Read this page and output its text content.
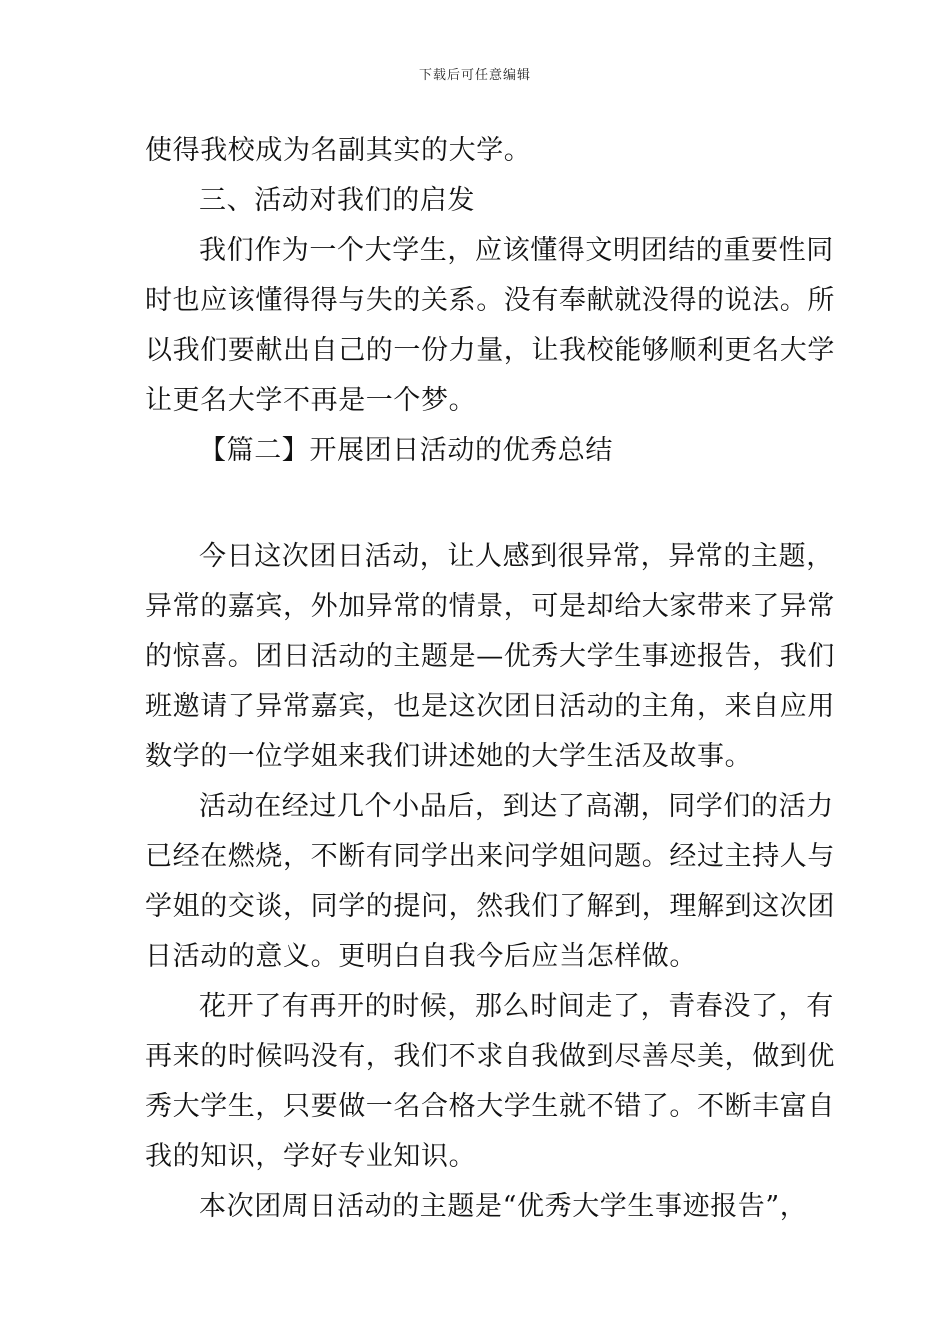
下载后可任意编辑
使得我校成为名副其实的大学。
三、活动对我们的启发
我们作为一个大学生，应该懂得文明团结的重要性同
时也应该懂得得与失的关系。没有奉献就没得的说法。所
以我们要献出自己的一份力量，让我校能够顺利更名大学
让更名大学不再是一个梦。
【篇二】开展团日活动的优秀总结
今日这次团日活动，让人感到很异常，异常的主题，
异常的嘉宾，外加异常的情景，可是却给大家带来了异常
的惊喜。团日活动的主题是—优秀大学生事迹报告，我们
班邀请了异常嘉宾，也是这次团日活动的主角，来自应用
数学的一位学姐来我们讲述她的大学生活及故事。
活动在经过几个小品后，到达了高潮，同学们的活力
已经在燃烧，不断有同学出来问学姐问题。经过主持人与
学姐的交谈，同学的提问，然我们了解到，理解到这次团
日活动的意义。更明白自我今后应当怎样做。
花开了有再开的时候，那么时间走了，青春没了，有
再来的时候吗没有，我们不求自我做到尽善尽美，做到优
秀大学生，只要做一名合格大学生就不错了。不断丰富自
我的知识，学好专业知识。
本次团周日活动的主题是“优秀大学生事迹报告”，
